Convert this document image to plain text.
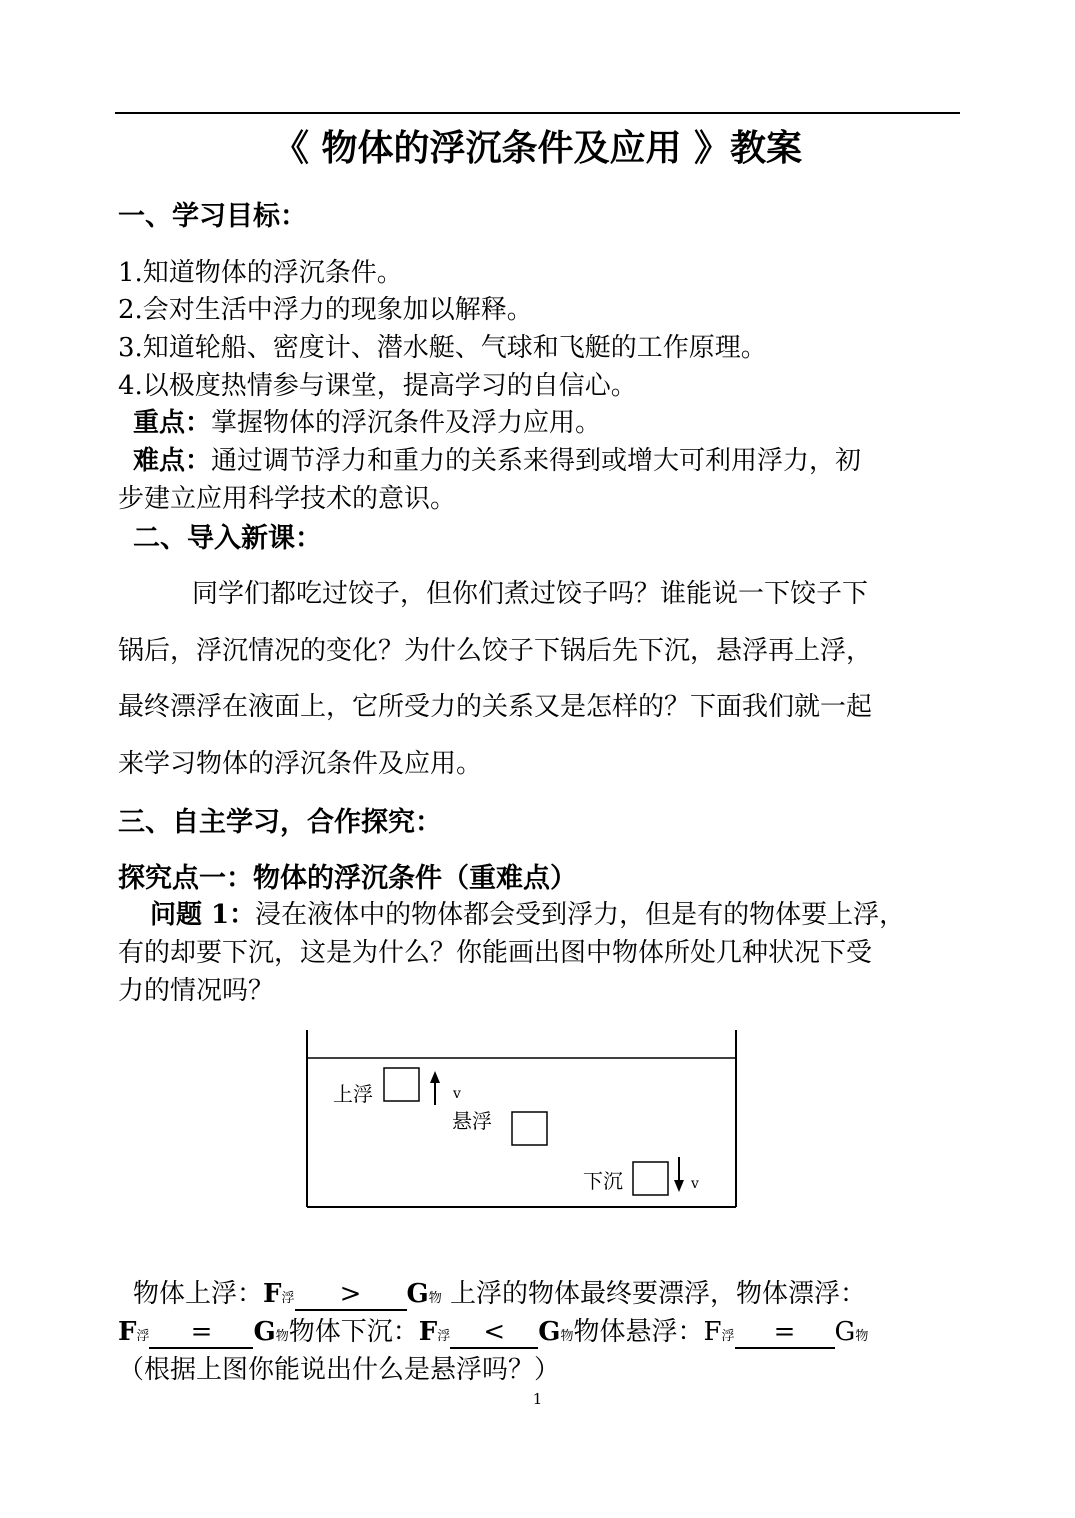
《 物体的浮沉条件及应用 》教案
一、学习目标：
1.知道物体的浮沉条件。
2.会对生活中浮力的现象加以解释。
3.知道轮船、密度计、潜水艇、气球和飞艇的工作原理。
4.以极度热情参与课堂，提高学习的自信心。
重点：掌握物体的浮沉条件及浮力应用。
难点：通过调节浮力和重力的关系来得到或增大可利用浮力，初
步建立应用科学技术的意识。
二、导入新课：
同学们都吃过饺子，但你们煮过饺子吗？谁能说一下饺子下
锅后，浮沉情况的变化？为什么饺子下锅后先下沉，悬浮再上浮，
最终漂浮在液面上，它所受力的关系又是怎样的？下面我们就一起
来学习物体的浮沉条件及应用。
三、自主学习，合作探究：
探究点一：物体的浮沉条件（重难点）
问题 1：浸在液体中的物体都会受到浮力，但是有的物体要上浮，
有的却要下沉，这是为什么？你能画出图中物体所处几种状况下受
力的情况吗？
上浮	v
悬浮
下沉	v
物体上浮：F浮 > G物 上浮的物体最终要漂浮，物体漂浮：
F浮 = G物物体下沉：F浮 < G物物体悬浮：F浮 = G物
（根据上图你能说出什么是悬浮吗？）
1
